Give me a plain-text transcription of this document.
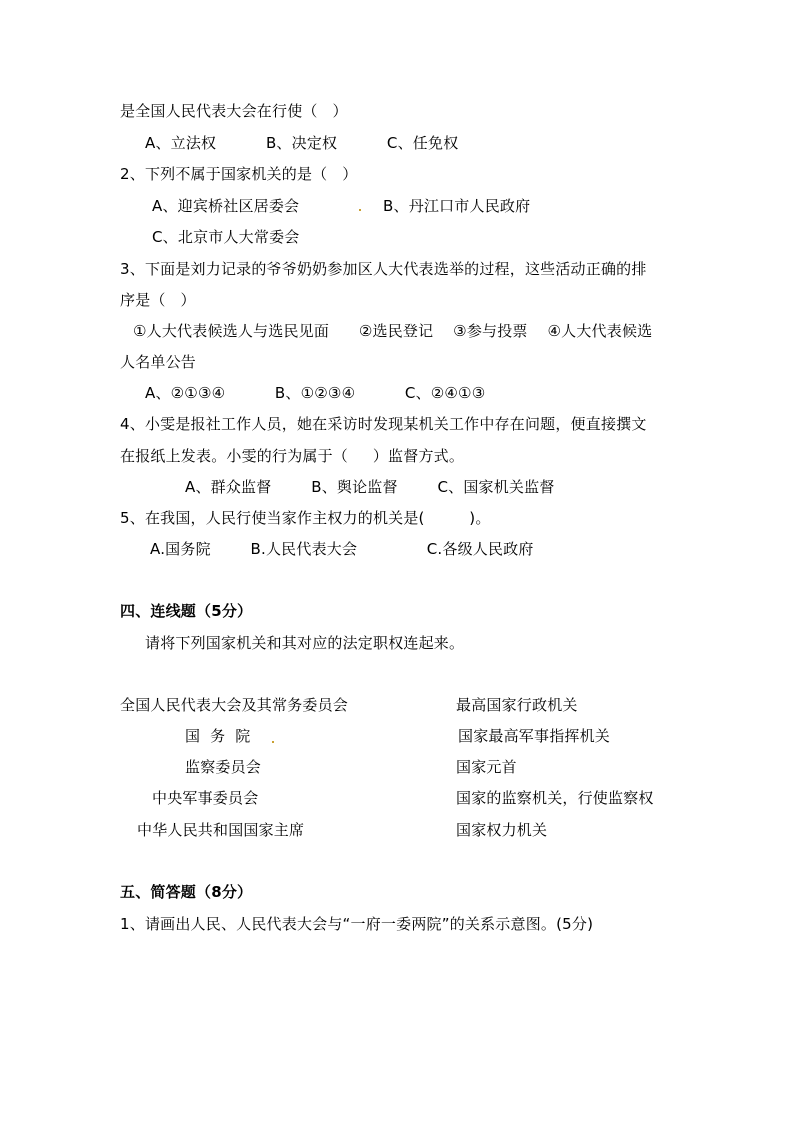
是全国人民代表大会在行使（   ）
A、立法权          B、决定权          C、任免权
2、下列不属于国家机关的是（   ）
A、迎宾桥社区居委会	B、丹江口市人民政府
C、北京市人大常委会
3、下面是刘力记录的爷爷奶奶参加区人大代表选举的过程，这些活动正确的排
序是（   ）
①人大代表候选人与选民见面      ②选民登记    ③参与投票    ④人大代表候选
人名单公告
A、②①③④          B、①②③④          C、②④①③
4、小雯是报社工作人员，她在采访时发现某机关工作中存在问题，便直接撰文
在报纸上发表。小雯的行为属于（     ）监督方式。
A、群众监督        B、舆论监督        C、国家机关监督
5、在我国，人民行使当家作主权力的机关是(         )。
A.国务院        B.人民代表大会              C.各级人民政府
四、连线题（5分）
请将下列国家机关和其对应的法定职权连起来。
全国人民代表大会及其常务委员会
国  务  院
监察委员会
中央军事委员会
中华人民共和国国家主席
最高国家行政机关
国家最高军事指挥机关
国家元首
国家的监察机关，行使监察权
国家权力机关
五、简答题（8分）
1、请画出人民、人民代表大会与“一府一委两院”的关系示意图。(5分)
